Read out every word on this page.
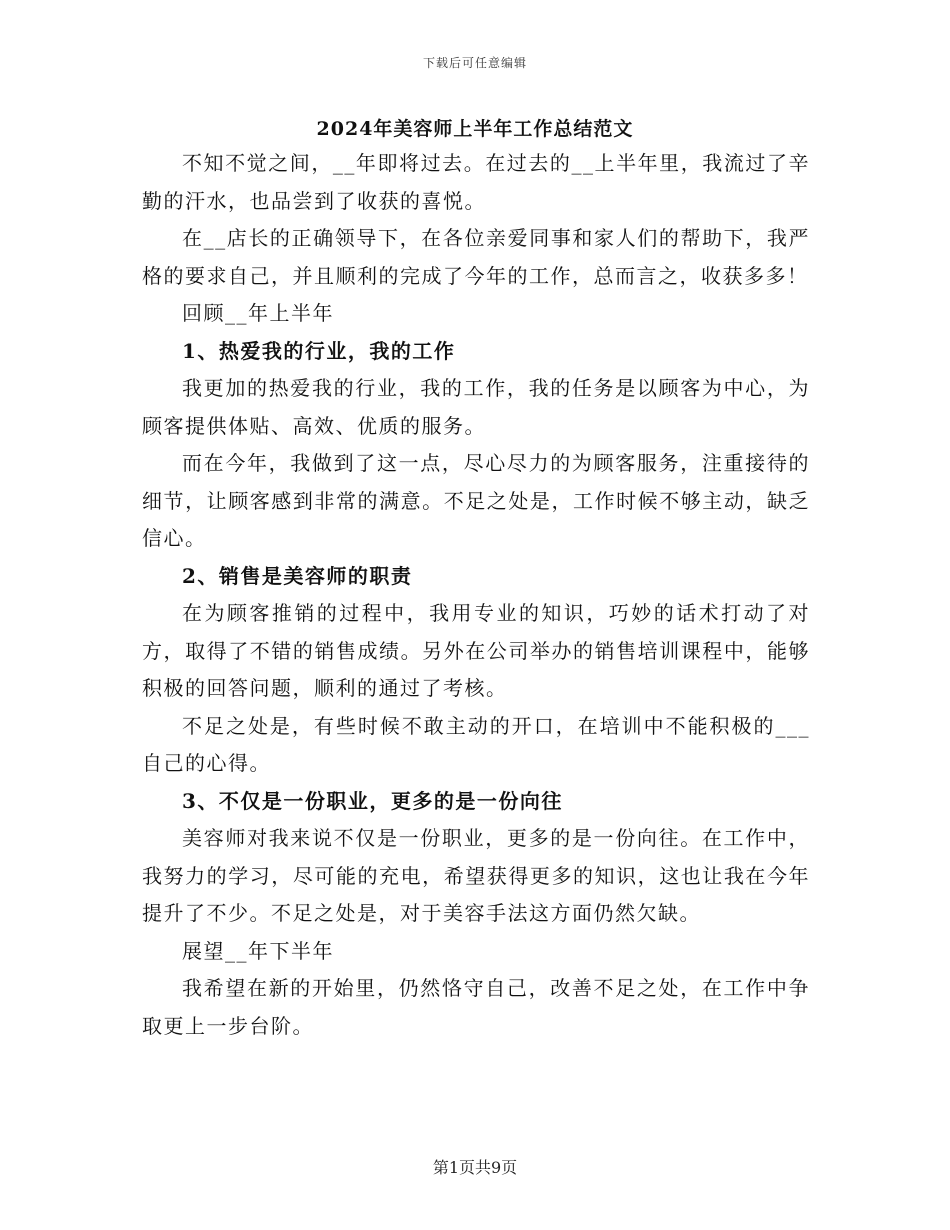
下载后可任意编辑
2024年美容师上半年工作总结范文

不知不觉之间，__年即将过去。在过去的__上半年里，我流过了辛勤的汗水，也品尝到了收获的喜悦。

在__店长的正确领导下，在各位亲爱同事和家人们的帮助下，我严格的要求自己，并且顺利的完成了今年的工作，总而言之，收获多多！

回顾__年上半年

1、热爱我的行业，我的工作

我更加的热爱我的行业，我的工作，我的任务是以顾客为中心，为顾客提供体贴、高效、优质的服务。

而在今年，我做到了这一点，尽心尽力的为顾客服务，注重接待的细节，让顾客感到非常的满意。不足之处是，工作时候不够主动，缺乏信心。

2、销售是美容师的职责

在为顾客推销的过程中，我用专业的知识，巧妙的话术打动了对方，取得了不错的销售成绩。另外在公司举办的销售培训课程中，能够积极的回答问题，顺利的通过了考核。

不足之处是，有些时候不敢主动的开口，在培训中不能积极的___自己的心得。

3、不仅是一份职业，更多的是一份向往

美容师对我来说不仅是一份职业，更多的是一份向往。在工作中，我努力的学习，尽可能的充电，希望获得更多的知识，这也让我在今年提升了不少。不足之处是，对于美容手法这方面仍然欠缺。

展望__年下半年

我希望在新的开始里，仍然恪守自己，改善不足之处，在工作中争取更上一步台阶。

第1页共9页
